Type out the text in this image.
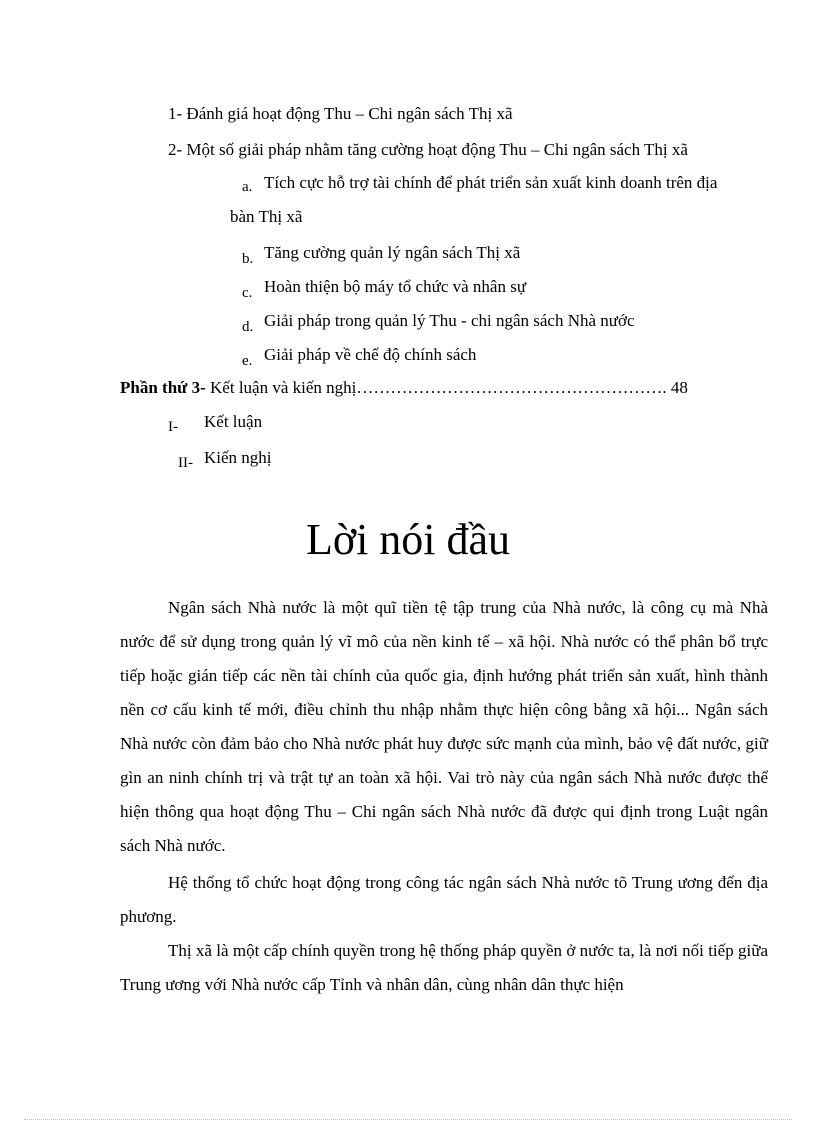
1- Đánh giá hoạt động Thu – Chi ngân sách Thị xã
2- Một số giải pháp nhằm tăng cường hoạt động Thu – Chi ngân sách Thị xã
a. Tích cực hỗ trợ tài chính để phát triển sản xuất kinh doanh trên địa
bàn Thị xã
b. Tăng cường quản lý ngân sách Thị xã
c. Hoàn thiện bộ máy tổ chức và nhân sự
d. Giải pháp trong quản lý Thu - chi ngân sách Nhà nước
e. Giải pháp về chế độ chính sách
Phần thứ 3- Kết luận và kiến nghị………………………………………………. 48
I- Kết luận
II- Kiến nghị
Lời nói đầu
Ngân sách Nhà nước là một quĩ tiền tệ tập trung của Nhà nước, là công cụ mà Nhà nước để sử dụng trong quản lý vĩ mô của nền kinh tế – xã hội. Nhà nước có thể phân bổ trực tiếp hoặc gián tiếp các nền tài chính của quốc gia, định hướng phát triển sản xuất, hình thành nền cơ cấu kinh tế mới, điều chỉnh thu nhập nhằm thực hiện công bằng xã hội... Ngân sách Nhà nước còn đảm bảo cho Nhà nước phát huy được sức mạnh của mình, bảo vệ đất nước, giữ gìn an ninh chính trị và trật tự an toàn xã hội. Vai trò này của ngân sách Nhà nước được thể hiện thông qua hoạt động Thu – Chi ngân sách Nhà nước đã được qui định trong Luật ngân sách Nhà nước.
Hệ thống tổ chức hoạt động trong công tác ngân sách Nhà nước tõ Trung ương đến địa phương.
Thị xã là một cấp chính quyền trong hệ thống pháp quyền ở nước ta, là nơi nối tiếp giữa Trung ương với Nhà nước cấp Tỉnh và nhân dân, cùng nhân dân thực hiện
